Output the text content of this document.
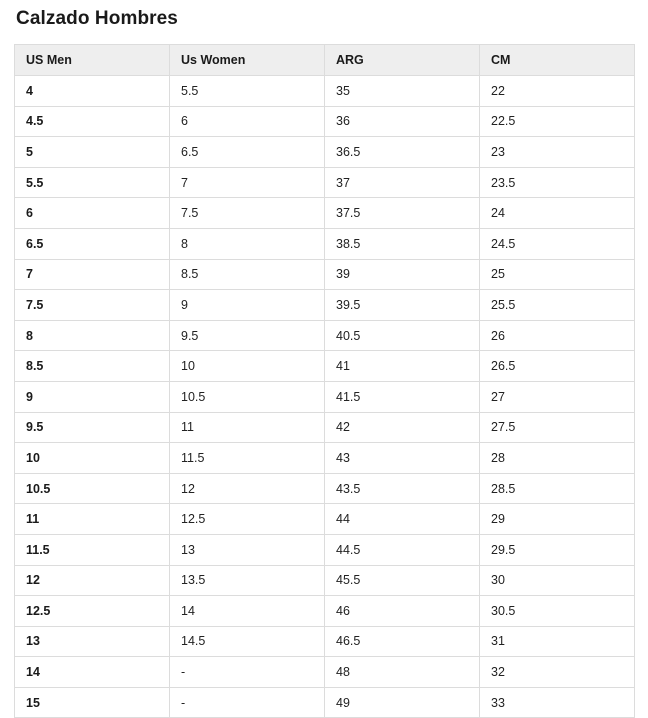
Calzado Hombres
US Men	Us Women	ARG	CM
4	5.5	35	22
4.5	6	36	22.5
5	6.5	36.5	23
5.5	7	37	23.5
6	7.5	37.5	24
6.5	8	38.5	24.5
7	8.5	39	25
7.5	9	39.5	25.5
8	9.5	40.5	26
8.5	10	41	26.5
9	10.5	41.5	27
9.5	11	42	27.5
10	11.5	43	28
10.5	12	43.5	28.5
11	12.5	44	29
11.5	13	44.5	29.5
12	13.5	45.5	30
12.5	14	46	30.5
13	14.5	46.5	31
14	-	48	32
15	-	49	33
